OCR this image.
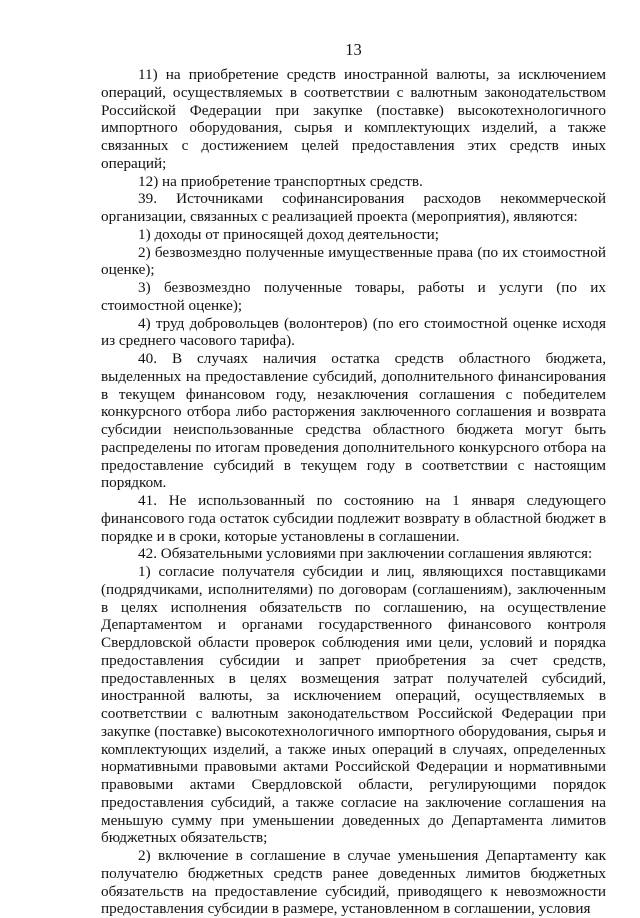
13

11) на приобретение средств иностранной валюты, за исключением операций, осуществляемых в соответствии с валютным законодательством Российской Федерации при закупке (поставке) высокотехнологичного импортного оборудования, сырья и комплектующих изделий, а также связанных с достижением целей предоставления этих средств иных операций;

12) на приобретение транспортных средств.

39. Источниками софинансирования расходов некоммерческой организации, связанных с реализацией проекта (мероприятия), являются:

1) доходы от приносящей доход деятельности;

2) безвозмездно полученные имущественные права (по их стоимостной оценке);

3) безвозмездно полученные товары, работы и услуги (по их стоимостной оценке);

4) труд добровольцев (волонтеров) (по его стоимостной оценке исходя из среднего часового тарифа).

40. В случаях наличия остатка средств областного бюджета, выделенных на предоставление субсидий, дополнительного финансирования в текущем финансовом году, незаключения соглашения с победителем конкурсного отбора либо расторжения заключенного соглашения и возврата субсидии неиспользованные средства областного бюджета могут быть распределены по итогам проведения дополнительного конкурсного отбора на предоставление субсидий в текущем году в соответствии с настоящим порядком.

41. Не использованный по состоянию на 1 января следующего финансового года остаток субсидии подлежит возврату в областной бюджет в порядке и в сроки, которые установлены в соглашении.

42. Обязательными условиями при заключении соглашения являются:

1) согласие получателя субсидии и лиц, являющихся поставщиками (подрядчиками, исполнителями) по договорам (соглашениям), заключенным в целях исполнения обязательств по соглашению, на осуществление Департаментом и органами государственного финансового контроля Свердловской области проверок соблюдения ими цели, условий и порядка предоставления субсидии и запрет приобретения за счет средств, предоставленных в целях возмещения затрат получателей субсидий, иностранной валюты, за исключением операций, осуществляемых в соответствии с валютным законодательством Российской Федерации при закупке (поставке) высокотехнологичного импортного оборудования, сырья и комплектующих изделий, а также иных операций в случаях, определенных нормативными правовыми актами Российской Федерации и нормативными правовыми актами Свердловской области, регулирующими порядок предоставления субсидий, а также согласие на заключение соглашения на меньшую сумму при уменьшении доведенных до Департамента лимитов бюджетных обязательств;

2) включение в соглашение в случае уменьшения Департаменту как получателю бюджетных средств ранее доведенных лимитов бюджетных обязательств на предоставление субсидий, приводящего к невозможности предоставления субсидии в размере, установленном в соглашении, условия
